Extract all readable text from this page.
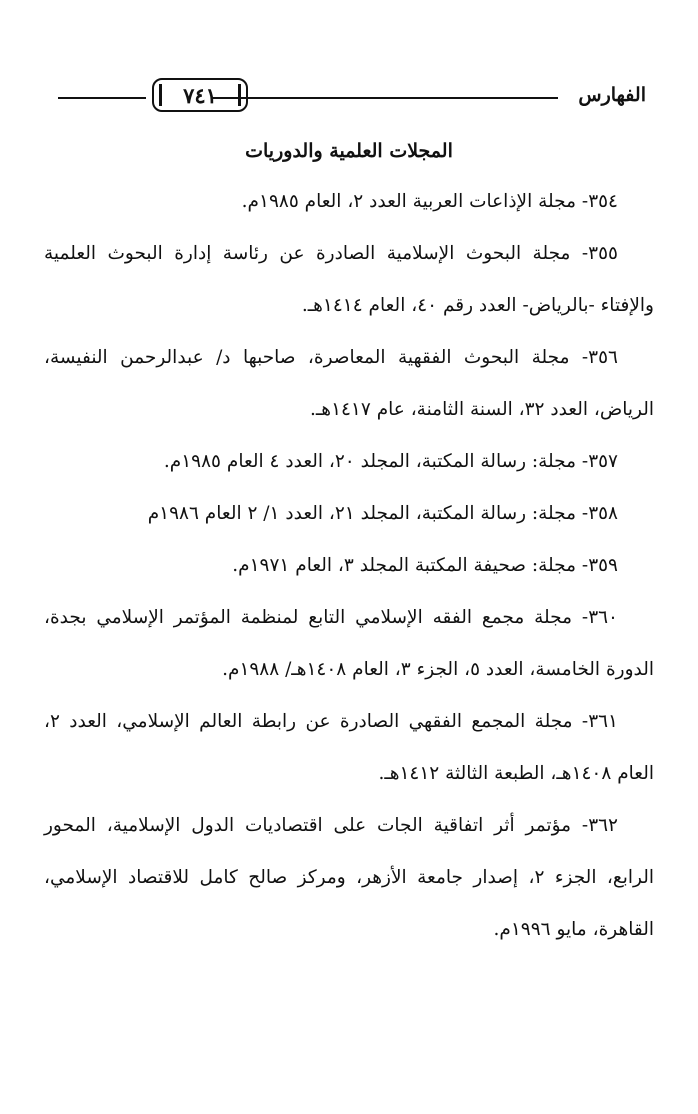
الفهارس
٧٤١
المجلات العلمية والدوريات
٣٥٤- مجلة الإذاعات العربية العدد ٢، العام ١٩٨٥م.
٣٥٥- مجلة البحوث الإسلامية الصادرة عن رئاسة إدارة البحوث العلمية والإفتاء -بالرياض- العدد رقم ٤٠، العام ١٤١٤هـ.
٣٥٦- مجلة البحوث الفقهية المعاصرة، صاحبها د/ عبدالرحمن النفيسة، الرياض، العدد ٣٢، السنة الثامنة، عام ١٤١٧هـ.
٣٥٧- مجلة: رسالة المكتبة، المجلد ٢٠، العدد ٤ العام ١٩٨٥م.
٣٥٨- مجلة: رسالة المكتبة، المجلد ٢١، العدد ١/ ٢ العام ١٩٨٦م
٣٥٩- مجلة: صحيفة المكتبة المجلد ٣، العام ١٩٧١م.
٣٦٠- مجلة مجمع الفقه الإسلامي التابع لمنظمة المؤتمر الإسلامي بجدة، الدورة الخامسة، العدد ٥، الجزء ٣، العام ١٤٠٨هـ/ ١٩٨٨م.
٣٦١- مجلة المجمع الفقهي الصادرة عن رابطة العالم الإسلامي، العدد ٢، العام ١٤٠٨هـ، الطبعة الثالثة ١٤١٢هـ.
٣٦٢- مؤتمر أثر اتفاقية الجات على اقتصاديات الدول الإسلامية، المحور الرابع، الجزء ٢، إصدار جامعة الأزهر، ومركز صالح كامل للاقتصاد الإسلامي، القاهرة، مايو ١٩٩٦م.
